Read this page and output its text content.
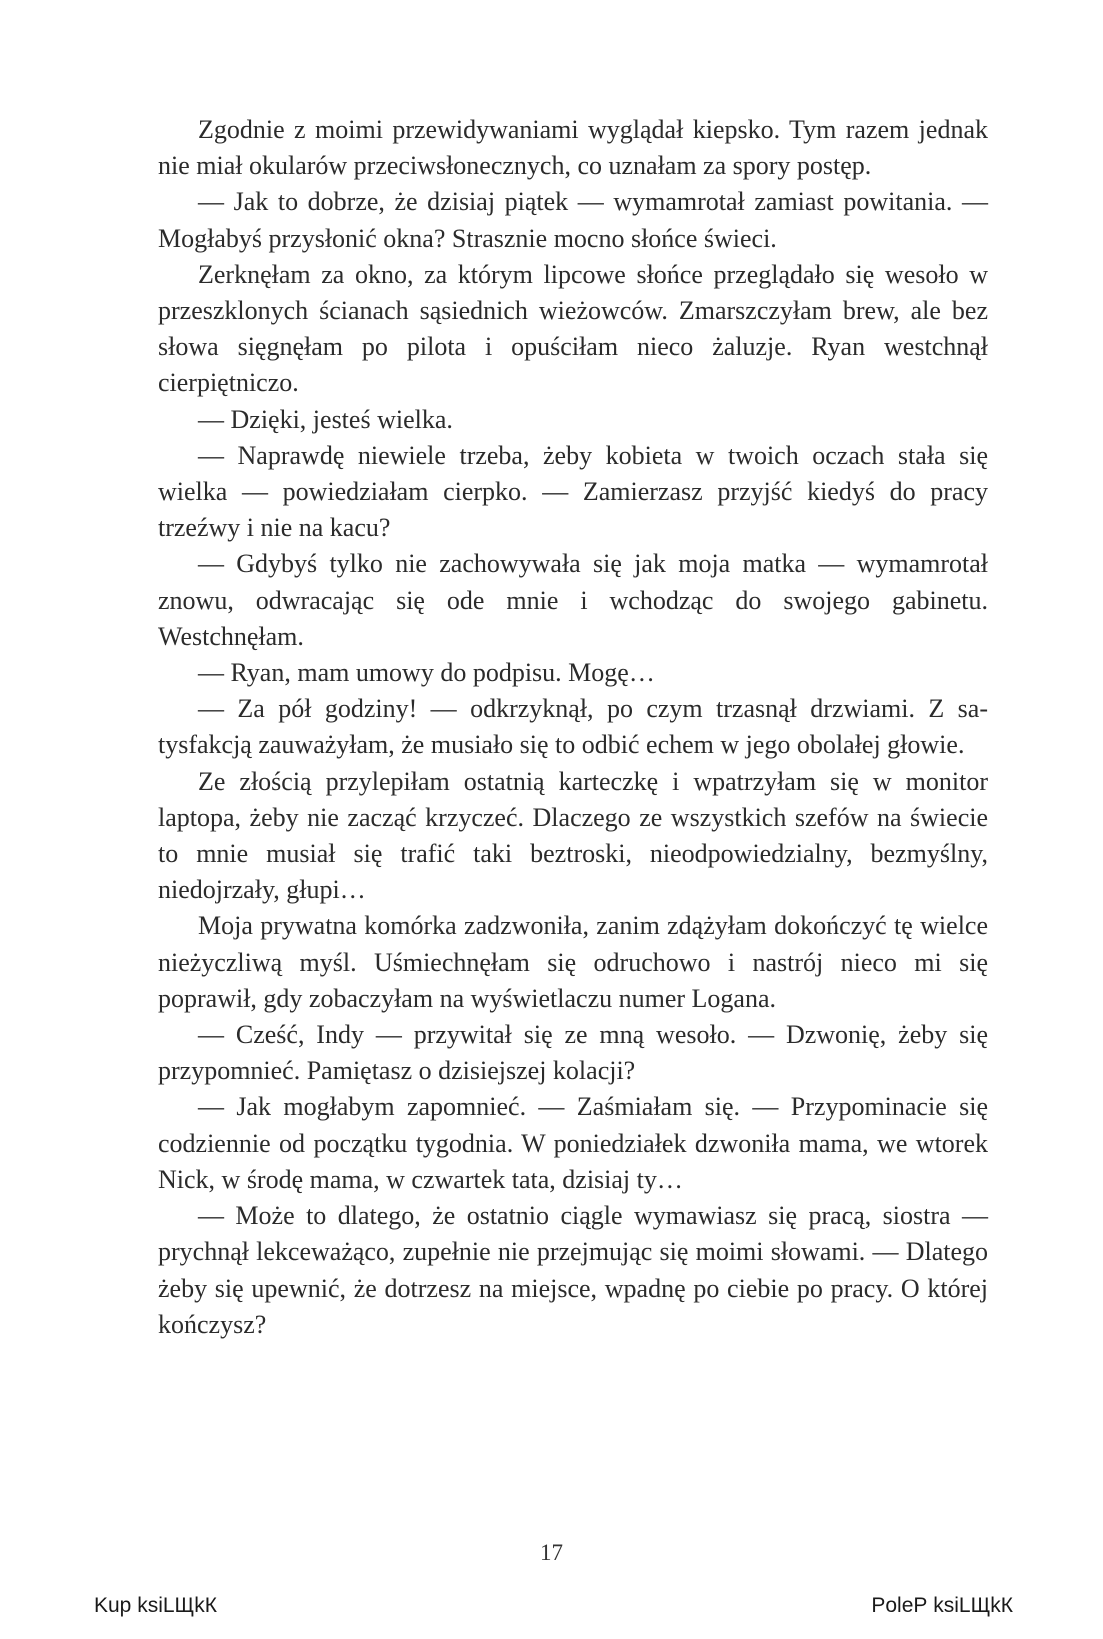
Zgodnie z moimi przewidywaniami wyglądał kiepsko. Tym razem jednak nie miał okularów przeciwsłonecznych, co uznałam za spory postęp.

— Jak to dobrze, że dzisiaj piątek — wymamrotał zamiast powitania. — Mogłabyś przysłonić okna? Strasznie mocno słońce świeci.

Zerknęłam za okno, za którym lipcowe słońce przeglądało się wesoło w przeszklonych ścianach sąsiednich wieżowców. Zmarszczyłam brew, ale bez słowa sięgnęłam po pilota i opuściłam nieco żaluzje. Ryan westchnął cierpiętniczo.

— Dzięki, jesteś wielka.

— Naprawdę niewiele trzeba, żeby kobieta w twoich oczach stała się wielka — powiedziałam cierpko. — Zamierzasz przyjść kiedyś do pracy trzeźwy i nie na kacu?

— Gdybyś tylko nie zachowywała się jak moja matka — wymamrotał znowu, odwracając się ode mnie i wchodząc do swojego gabinetu. Westchnęłam.

— Ryan, mam umowy do podpisu. Mogę…

— Za pół godziny! — odkrzyknął, po czym trzasnął drzwiami. Z satysfakcją zauważyłam, że musiało się to odbić echem w jego obolałej głowie.

Ze złością przylepiłam ostatnią karteczkę i wpatrzyłam się w monitor laptopa, żeby nie zacząć krzyczeć. Dlaczego ze wszystkich szefów na świecie to mnie musiał się trafić taki beztroski, nieodpowiedzialny, bezmyślny, niedojrzały, głupi…

Moja prywatna komórka zadzwoniła, zanim zdążyłam dokończyć tę wielce nieżyczliwą myśl. Uśmiechnęłam się odruchowo i nastrój nieco mi się poprawił, gdy zobaczyłam na wyświetlaczu numer Logana.

— Cześć, Indy — przywitał się ze mną wesoło. — Dzwonię, żeby się przypomnieć. Pamiętasz o dzisiejszej kolacji?

— Jak mogłabym zapomnieć. — Zaśmiałam się. — Przypominacie się codziennie od początku tygodnia. W poniedziałek dzwoniła mama, we wtorek Nick, w środę mama, w czwartek tata, dzisiaj ty…

— Może to dlatego, że ostatnio ciągle wymawiasz się pracą, siostra — prychnął lekceważąco, zupełnie nie przejmując się moimi słowami. — Dlatego żeby się upewnić, że dotrzesz na miejsce, wpadnę po ciebie po pracy. O której kończysz?

17
Kup ksiLЩkК	PoleР ksiLЩkК
